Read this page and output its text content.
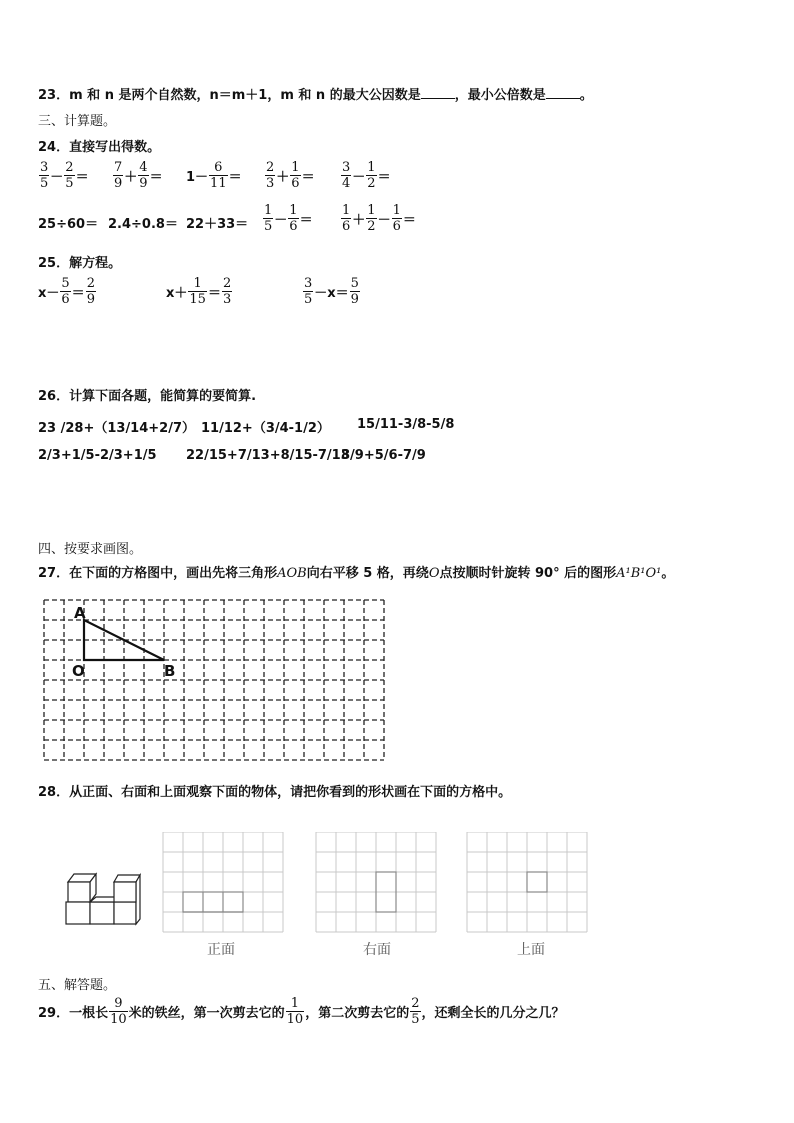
23．m 和 n 是两个自然数，n＝m＋1，m 和 n 的最大公因数是	，最小公倍数是	。
三、计算题。
24．直接写出得数。
$\frac{3}{5} - \frac{2}{5} = \frac{7}{9} + \frac{4}{9} = 1- \frac{6}{11} = \frac{2}{3} + \frac{1}{6} = \frac{3}{4} - \frac{1}{2}$ ＝
$25\div 60= 2.4\div 0.8= 22+33= \frac{1}{5} - \frac{1}{6} = \frac{1}{6} + \frac{1}{2} - \frac{1}{6}$ ＝
25．解方程。
$x- \frac{5}{6} = \frac{2}{9}$	$x+ \frac{1}{15} = \frac{2}{3}$	$\frac{3}{5} -x= \frac{5}{9}$
26．计算下面各题，能简算的要简算.
23 /28+（13/14+2/7） 11/12+（3/4-1/2） 15/11-3/8-5/8
2/3+1/5-2/3+1/5 22/15+7/13+8/15-7/13
8/9+5/6-7/9
四、按要求画图。
27．在下面的方格图中，画出先将三角形AOB向右平移 5 格，再绕O点按顺时针旋转 90° 后的图形A¹B¹O¹。
A
O	B
28．从正面、右面和上面观察下面的物体，请把你看到的形状画在下面的方格中。
正面	右面	上面
五、解答题。
29．一根长 $\frac{9}{10}$ 米的铁丝，第一次剪去它的 $\frac{1}{10}$ ，第二次剪去它的 $\frac{2}{5}$ ，还剩全长的几分之几？
